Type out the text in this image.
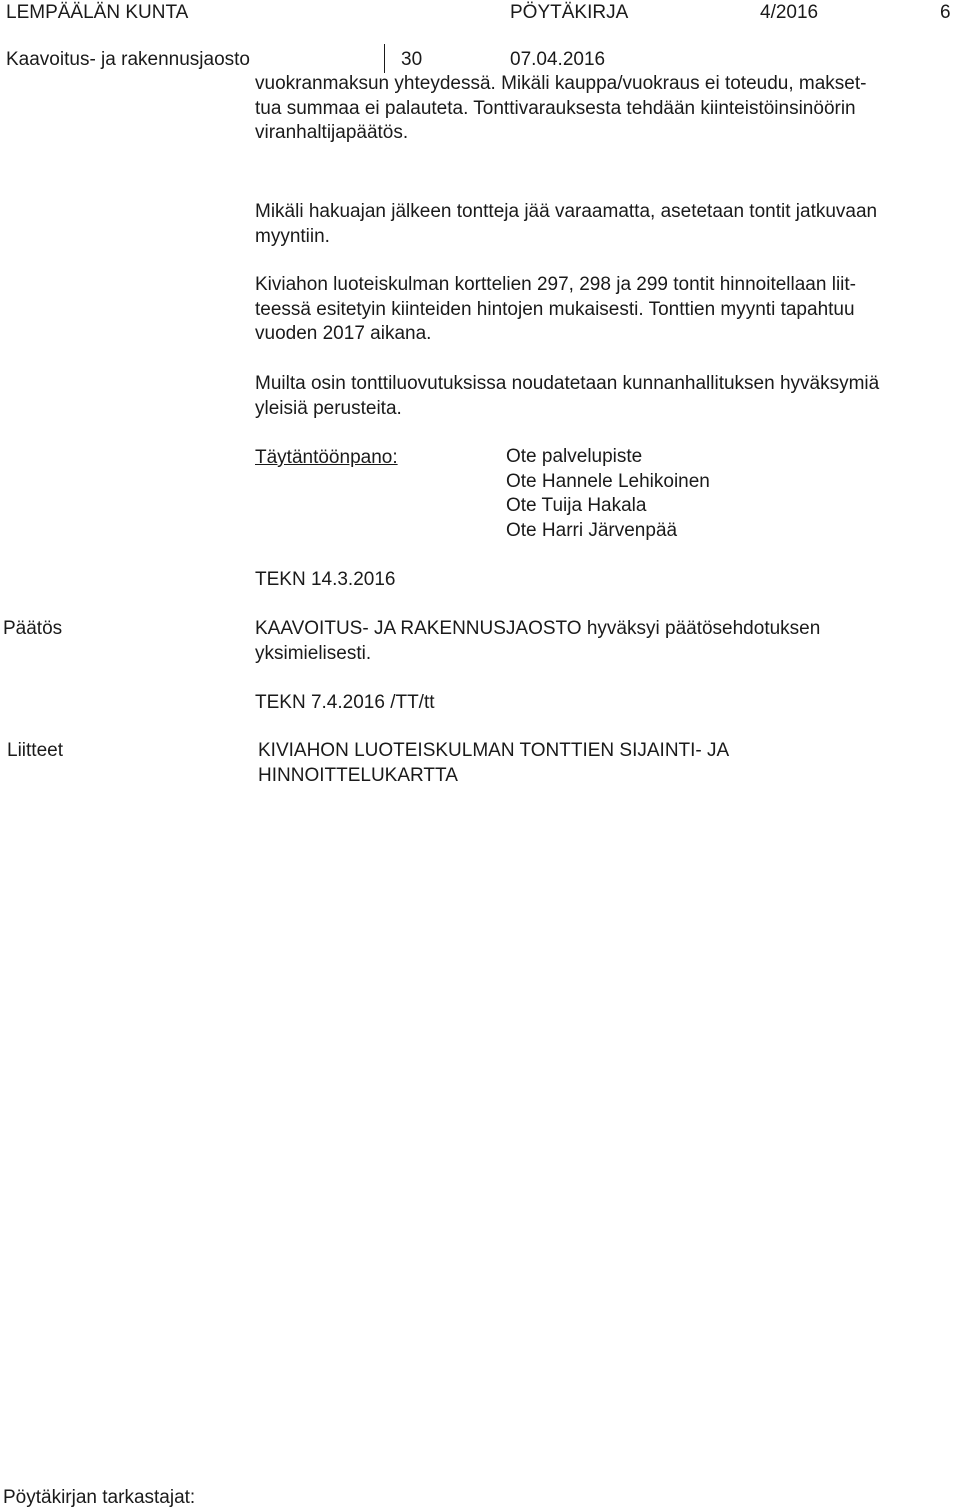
LEMPÄÄLÄN KUNTA	PÖYTÄKIRJA	4/2016	6
Kaavoitus- ja rakennusjaosto	30	07.04.2016
vuokranmaksun yhteydessä. Mikäli kauppa/vuokraus ei toteudu, makset-
tua summaa ei palauteta. Tonttivarauksesta tehdään kiinteistöinsinöörin
viranhaltijapäätös.
Mikäli hakuajan jälkeen tontteja jää varaamatta, asetetaan tontit jatkuvaan
myyntiin.
Kiviahon luoteiskulman korttelien 297, 298 ja 299 tontit hinnoitellaan liit-
teessä esitetyin kiinteiden hintojen mukaisesti. Tonttien myynti tapahtuu
vuoden 2017 aikana.
Muilta osin tonttiluovutuksissa noudatetaan kunnanhallituksen hyväksymiä
yleisiä perusteita.
Täytäntöönpano:	Ote palvelupiste
Ote Hannele Lehikoinen
Ote Tuija Hakala
Ote Harri Järvenpää
TEKN 14.3.2016
Päätös	KAAVOITUS- JA RAKENNUSJAOSTO hyväksyi päätösehdotuksen
yksimielisesti.
TEKN 7.4.2016 /TT/tt
Liitteet	KIVIAHON LUOTEISKULMAN TONTTIEN SIJAINTI- JA
HINNOITTELUKARTTA
Pöytäkirjan tarkastajat:
